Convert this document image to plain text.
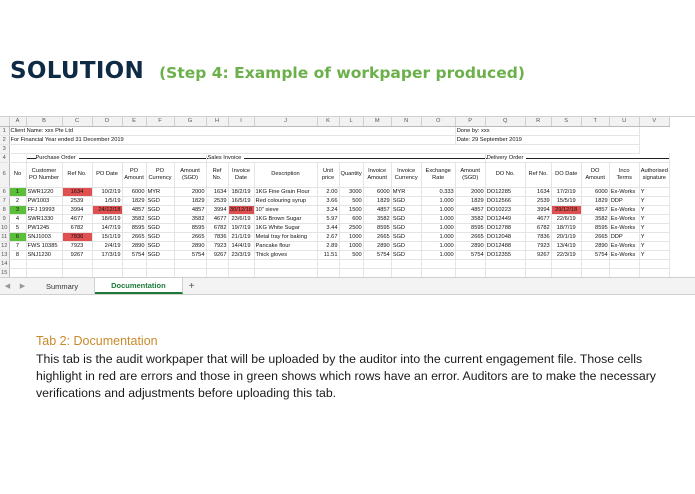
SOLUTION (Step 4: Example of workpaper produced)
	A	B	C	D	E	F	G	H	I	J	K	L	M	N	O	P	Q	R	S	T	U	V
1	Client Name: xxx Pte Ltd															Done by: xxx						
2	For Financial Year ended 31 December 2019															Date: 29 September 2019						
3																						
4		Purchase Order						Sales Invoice									Delivery Order					
6	No	Customer PO Number	Ref No.	PO Date	PO Amount	PO Currency	Amount (SGD)	Ref No.	Invoice Date	Description	Unit price	Quantity	Invoice Amount	Invoice Currency	Exchange Rate	Amount (SGD)	DO No.	Ref No.	DO Date	DO Amount	Inco Terms	Authorised signature
6	1	SWR1220	1634	10/2/19	6000	MYR	2000	1634	18/2/19	1KG Fine Grain Flour	2.00	3000	6000	MYR	0.333	2000	DO12285	1634	17/2/19	6000	Ex-Works	Y
7	2	PW1003	2539	1/5/19	1829	SGD	1829	2539	16/5/19	Red colouring syrup	3.66	500	1829	SGD	1.000	1829	DO12566	2539	15/5/19	1829	DDP	Y
8	3	FFJ 19993	3994	24/12/18	4857	SGD	4857	3994	30/12/18	10" sieve	3.24	1500	4857	SGD	1.000	4857	DO10223	3994	29/12/18	4857	Ex-Works	Y
9	4	SWR1330	4677	18/6/19	3582	SGD	3582	4677	23/6/19	1KG Brown Sugar	5.97	600	3582	SGD	1.000	3582	DO12449	4677	22/6/19	3582	Ex-Works	Y
10	5	PW1245	6782	14/7/19	8595	SGD	8595	6782	19/7/19	1KG White Sugar	3.44	2500	8595	SGD	1.000	8595	DO12788	6782	18/7/19	8595	Ex-Works	Y
11	6	SNJ1003	7836	15/1/19	2665	SGD	2665	7836	21/1/19	Metal tray for baking	2.67	1000	2665	SGD	1.000	2665	DO12048	7836	20/1/19	2665	DDP	Y
12	7	FWS 10385	7923	2/4/19	2890	SGD	2890	7923	14/4/19	Pancake flour	2.89	1000	2890	SGD	1.000	2890	DO12488	7923	13/4/19	2890	Ex-Works	Y
13	8	SNJ1230	9267	17/3/19	5754	SGD	5754	9267	23/3/19	Thick gloves	11.51	500	5754	SGD	1.000	5754	DO12355	9267	22/3/19	5754	Ex-Works	Y
14																						
15																						

◀ ▶	Summary	Documentation	+
Tab 2: Documentation
This tab is the audit workpaper that will be uploaded by the auditor into the current engagement file. Those cells highlight in red are errors and those in green shows which rows have an error. Auditors are to make the necessary verifications and adjustments before uploading this tab.
